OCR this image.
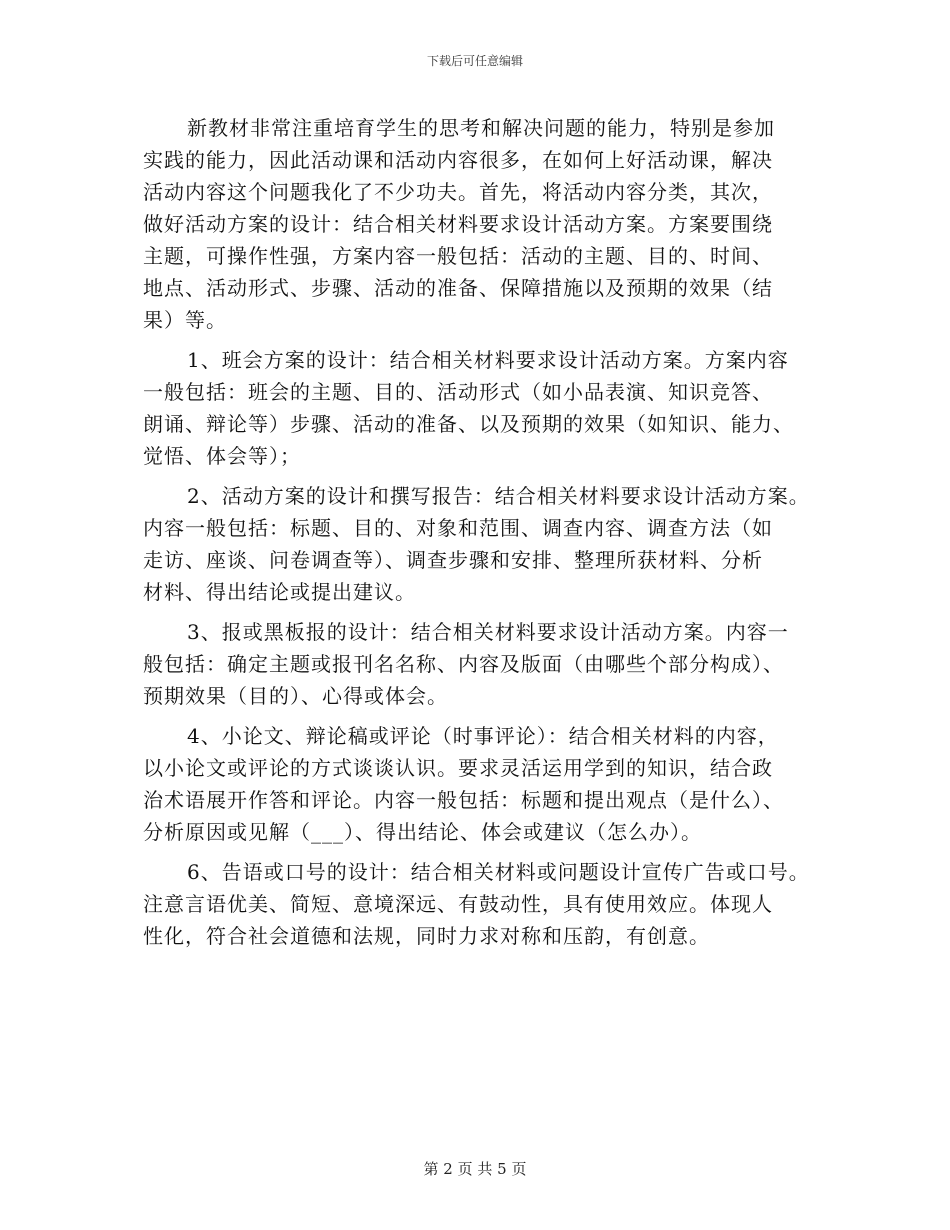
下载后可任意编辑
新教材非常注重培育学生的思考和解决问题的能力，特别是参加
实践的能力，因此活动课和活动内容很多，在如何上好活动课，解决
活动内容这个问题我化了不少功夫。首先，将活动内容分类，其次，
做好活动方案的设计：结合相关材料要求设计活动方案。方案要围绕
主题，可操作性强，方案内容一般包括：活动的主题、目的、时间、
地点、活动形式、步骤、活动的准备、保障措施以及预期的效果（结
果）等。
1、班会方案的设计：结合相关材料要求设计活动方案。方案内容
一般包括：班会的主题、目的、活动形式（如小品表演、知识竞答、
朗诵、辩论等）步骤、活动的准备、以及预期的效果（如知识、能力、
觉悟、体会等）；
2、活动方案的设计和撰写报告：结合相关材料要求设计活动方案。
内容一般包括：标题、目的、对象和范围、调查内容、调查方法（如
走访、座谈、问卷调查等）、调查步骤和安排、整理所获材料、分析
材料、得出结论或提出建议。
3、报或黑板报的设计：结合相关材料要求设计活动方案。内容一
般包括：确定主题或报刊名名称、内容及版面（由哪些个部分构成）、
预期效果（目的）、心得或体会。
4、小论文、辩论稿或评论（时事评论）：结合相关材料的内容，
以小论文或评论的方式谈谈认识。要求灵活运用学到的知识，结合政
治术语展开作答和评论。内容一般包括：标题和提出观点（是什么）、
分析原因或见解（___）、得出结论、体会或建议（怎么办）。
6、告语或口号的设计：结合相关材料或问题设计宣传广告或口号。
注意言语优美、简短、意境深远、有鼓动性，具有使用效应。体现人
性化，符合社会道德和法规，同时力求对称和压韵，有创意。
第 2 页 共 5 页
